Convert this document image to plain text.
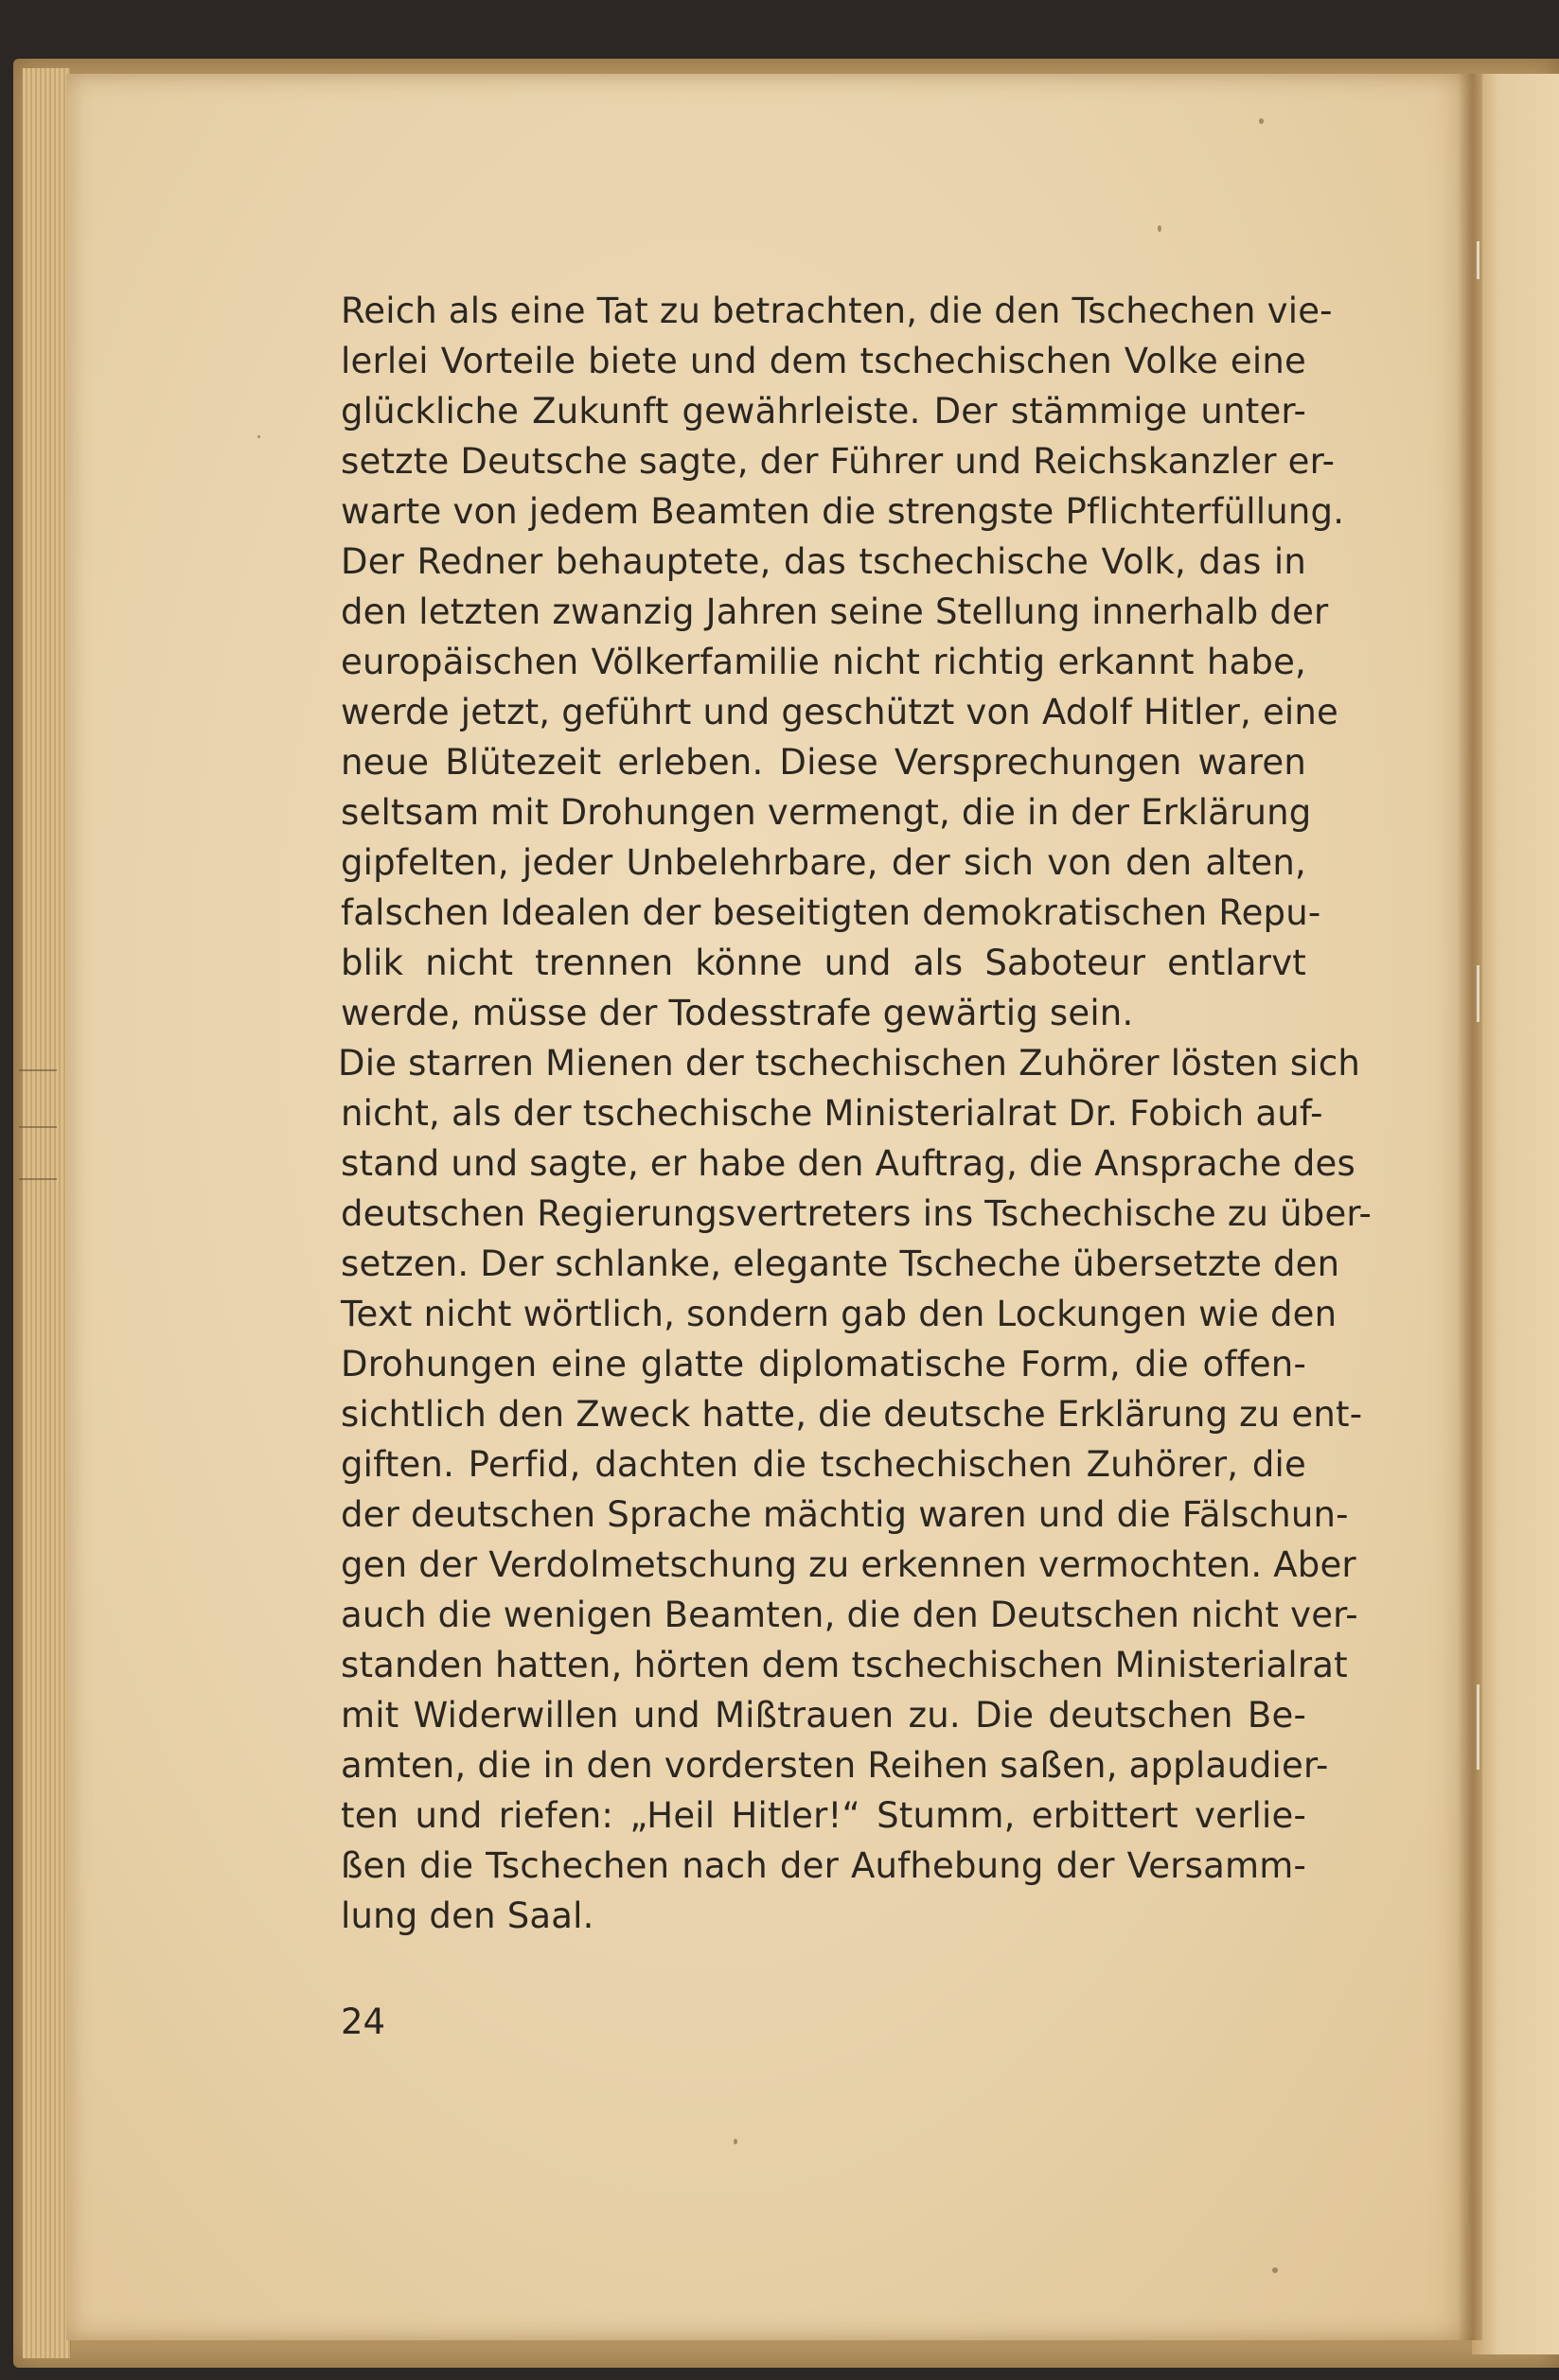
Reich als eine Tat zu betrachten, die den Tschechen vie-
lerlei Vorteile biete und dem tschechischen Volke eine
glückliche Zukunft gewährleiste. Der stämmige unter-
setzte Deutsche sagte, der Führer und Reichskanzler er-
warte von jedem Beamten die strengste Pflichterfüllung.
Der Redner behauptete, das tschechische Volk, das in
den letzten zwanzig Jahren seine Stellung innerhalb der
europäischen Völkerfamilie nicht richtig erkannt habe,
werde jetzt, geführt und geschützt von Adolf Hitler, eine
neue Blütezeit erleben. Diese Versprechungen waren
seltsam mit Drohungen vermengt, die in der Erklärung
gipfelten, jeder Unbelehrbare, der sich von den alten,
falschen Idealen der beseitigten demokratischen Repu-
blik nicht trennen könne und als Saboteur entlarvt
werde, müsse der Todesstrafe gewärtig sein.
Die starren Mienen der tschechischen Zuhörer lösten sich
nicht, als der tschechische Ministerialrat Dr. Fobich auf-
stand und sagte, er habe den Auftrag, die Ansprache des
deutschen Regierungsvertreters ins Tschechische zu über-
setzen. Der schlanke, elegante Tscheche übersetzte den
Text nicht wörtlich, sondern gab den Lockungen wie den
Drohungen eine glatte diplomatische Form, die offen-
sichtlich den Zweck hatte, die deutsche Erklärung zu ent-
giften. Perfid, dachten die tschechischen Zuhörer, die
der deutschen Sprache mächtig waren und die Fälschun-
gen der Verdolmetschung zu erkennen vermochten. Aber
auch die wenigen Beamten, die den Deutschen nicht ver-
standen hatten, hörten dem tschechischen Ministerialrat
mit Widerwillen und Mißtrauen zu. Die deutschen Be-
amten, die in den vordersten Reihen saßen, applaudier-
ten und riefen: „Heil Hitler!“ Stumm, erbittert verlie-
ßen die Tschechen nach der Aufhebung der Versamm-
lung den Saal.
24
